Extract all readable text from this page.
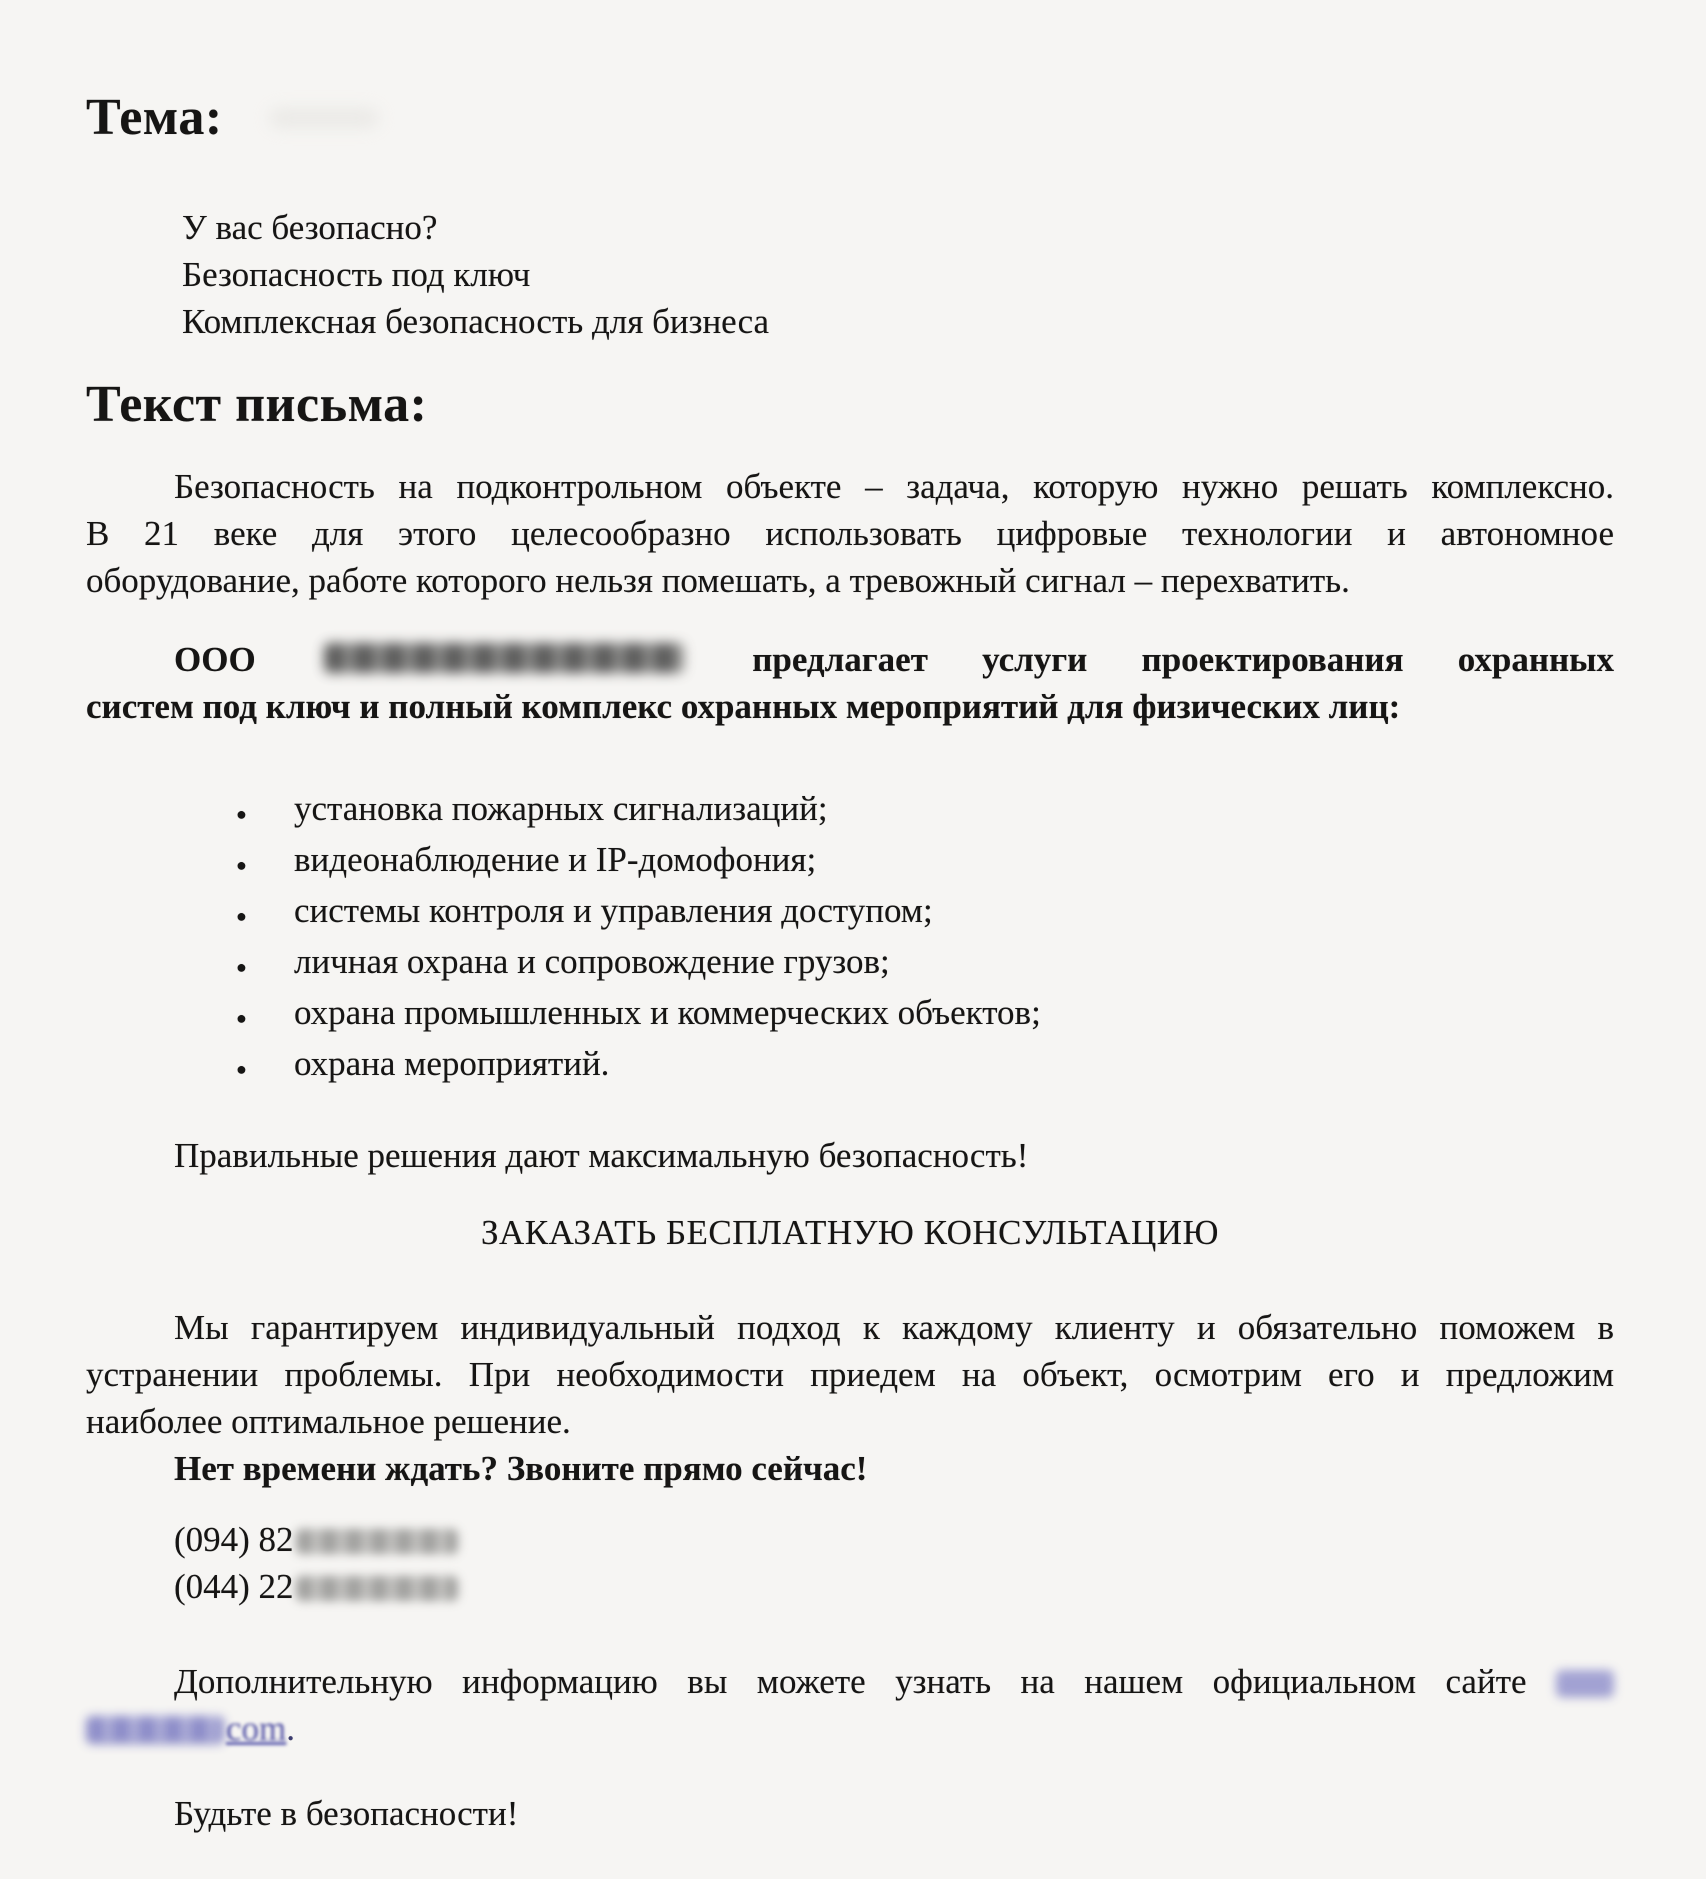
Тема:
У вас безопасно?
Безопасность под ключ
Комплексная безопасность для бизнеса
Текст письма:
Безопасность на подконтрольном объекте – задача, которую нужно решать комплексно.
В 21 веке для этого целесообразно использовать цифровые технологии и автономное
оборудование, работе которого нельзя помешать, а тревожный сигнал – перехватить.
ООО	предлагает услуги проектирования охранных
систем под ключ и полный комплекс охранных мероприятий для физических лиц:
●	установка пожарных сигнализаций;
●	видеонаблюдение и IP-домофония;
●	системы контроля и управления доступом;
●	личная охрана и сопровождение грузов;
●	охрана промышленных и коммерческих объектов;
●	охрана мероприятий.
Правильные решения дают максимальную безопасность!
ЗАКАЗАТЬ БЕСПЛАТНУЮ КОНСУЛЬТАЦИЮ
Мы гарантируем индивидуальный подход к каждому клиенту и обязательно поможем в
устранении проблемы. При необходимости приедем на объект, осмотрим его и предложим
наиболее оптимальное решение.
Нет времени ждать? Звоните прямо сейчас!
(094) 82
(044) 22
Дополнительную информацию вы можете узнать на нашем официальном сайте
com.
Будьте в безопасности!
